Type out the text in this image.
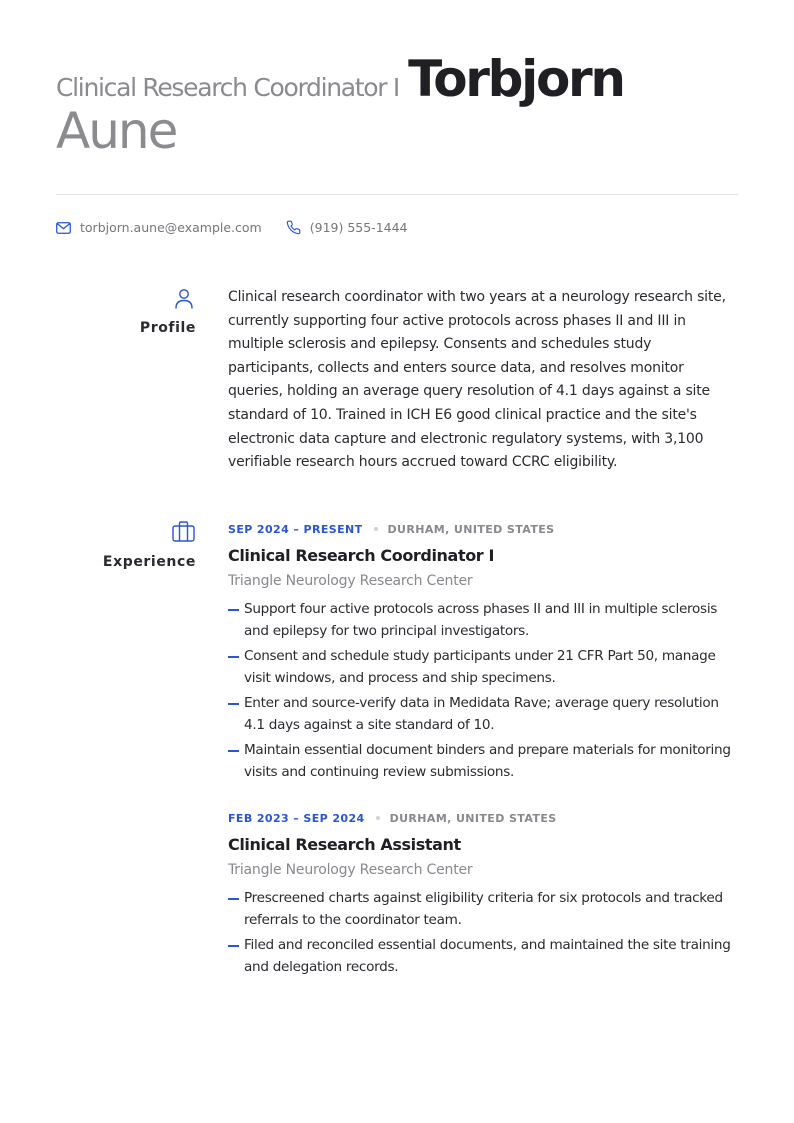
Clinical Research Coordinator I Torbjorn
Aune
torbjorn.aune@example.com	(919) 555-1444
Profile

Clinical research coordinator with two years at a neurology research site, currently supporting four active protocols across phases II and III in multiple sclerosis and epilepsy. Consents and schedules study participants, collects and enters source data, and resolves monitor queries, holding an average query resolution of 4.1 days against a site standard of 10. Trained in ICH E6 good clinical practice and the site's electronic data capture and electronic regulatory systems, with 3,100 verifiable research hours accrued toward CCRC eligibility.

Experience
SEP 2024 – PRESENT DURHAM, UNITED STATES
Clinical Research Coordinator I
Triangle Neurology Research Center
Support four active protocols across phases II and III in multiple sclerosis and epilepsy for two principal investigators.
Consent and schedule study participants under 21 CFR Part 50, manage visit windows, and process and ship specimens.
Enter and source-verify data in Medidata Rave; average query resolution 4.1 days against a site standard of 10.
Maintain essential document binders and prepare materials for monitoring visits and continuing review submissions.
FEB 2023 – SEP 2024 DURHAM, UNITED STATES
Clinical Research Assistant
Triangle Neurology Research Center
Prescreened charts against eligibility criteria for six protocols and tracked referrals to the coordinator team.
Filed and reconciled essential documents, and maintained the site training and delegation records.
